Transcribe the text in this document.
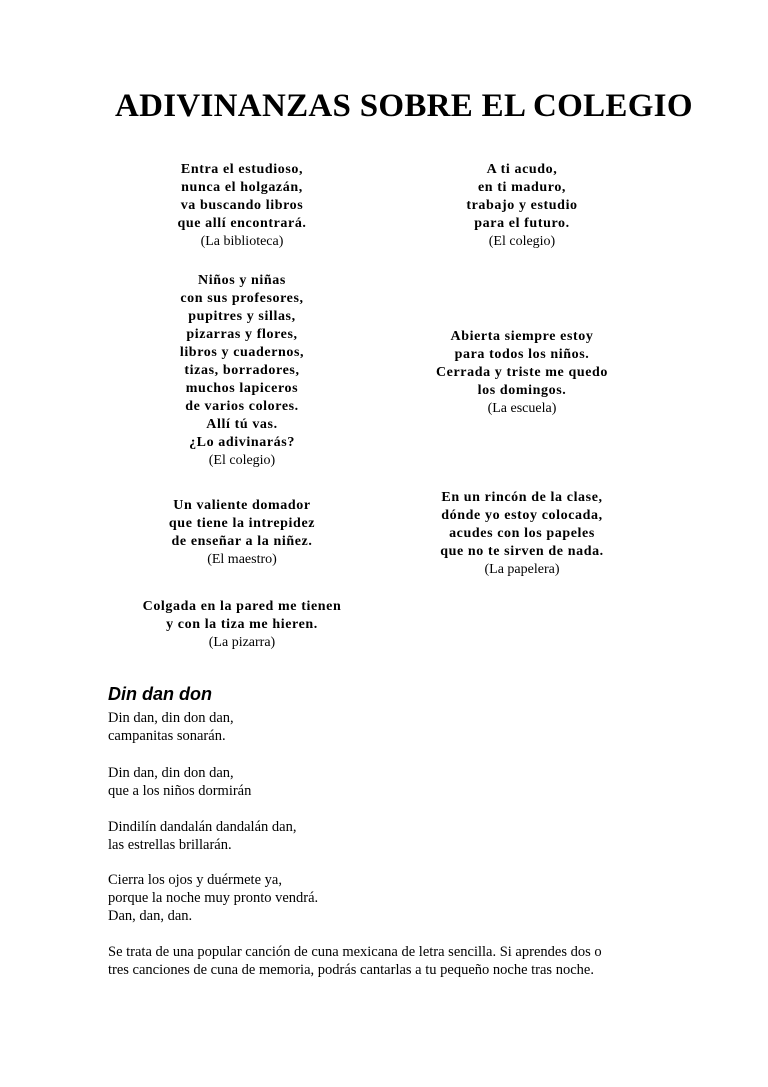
ADIVINANZAS SOBRE EL COLEGIO
Entra el estudioso,
nunca el holgazán,
va buscando libros
que allí encontrará.
(La biblioteca)
A ti acudo,
en ti maduro,
trabajo y estudio
para el futuro.
(El colegio)
Niños y niñas
con sus profesores,
pupitres y sillas,
pizarras y flores,
libros y cuadernos,
tizas, borradores,
muchos lapiceros
de varios colores.
Allí tú vas.
¿Lo adivinarás?
(El colegio)
Abierta siempre estoy
para todos los niños.
Cerrada y triste me quedo
los domingos.
(La escuela)
Un valiente domador
que tiene la intrepidez
de enseñar a la niñez.
(El maestro)
En un rincón de la clase,
dónde yo estoy colocada,
acudes con los papeles
que no te sirven de nada.
(La papelera)
Colgada en la pared me tienen
y con la tiza me hieren.
(La pizarra)
Din dan don
Din dan, din don dan,
campanitas sonarán.
Din dan, din don dan,
que a los niños dormirán
Dindilín dandalán dandalán dan,
las estrellas brillarán.
Cierra los ojos y duérmete ya,
porque la noche muy pronto vendrá.
Dan, dan, dan.

Se trata de una popular canción de cuna mexicana de letra sencilla. Si aprendes dos o
tres canciones de cuna de memoria, podrás cantarlas a tu pequeño noche tras noche.
